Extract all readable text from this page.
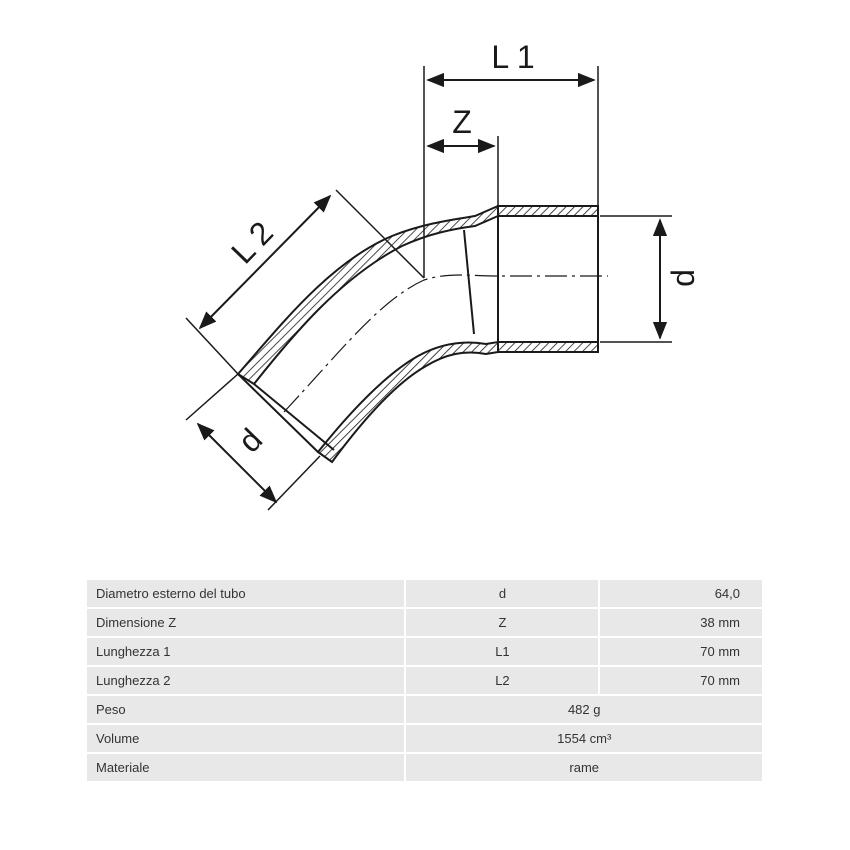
L 1
Z
d
L 2
d
Diametro esterno del tubo	d	64,0
Dimensione Z	Z	38 mm
Lunghezza 1	L1	70 mm
Lunghezza 2	L2	70 mm
Peso	482 g	
Volume	1554 cm³	
Materiale	rame	
